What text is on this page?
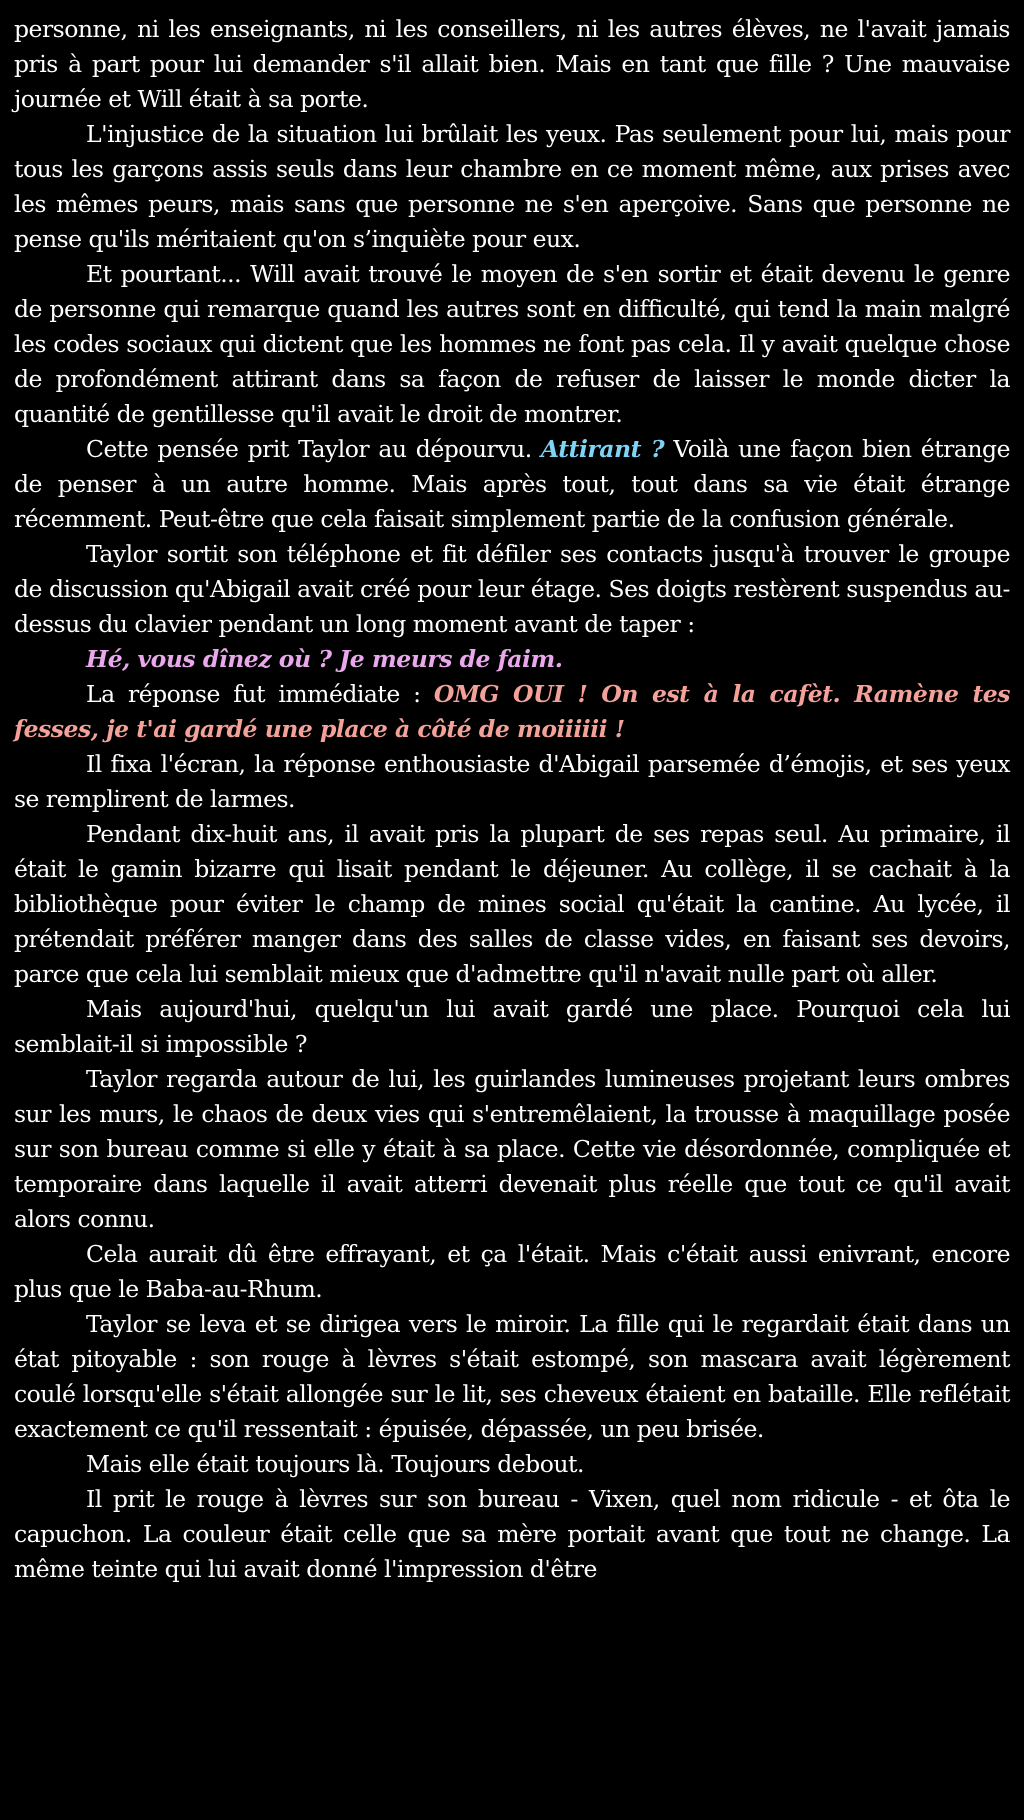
personne, ni les enseignants, ni les conseillers, ni les autres élèves, ne l'avait jamais pris à part pour lui demander s'il allait bien. Mais en tant que fille ? Une mauvaise journée et Will était à sa porte.

L'injustice de la situation lui brûlait les yeux. Pas seulement pour lui, mais pour tous les garçons assis seuls dans leur chambre en ce moment même, aux prises avec les mêmes peurs, mais sans que personne ne s'en aperçoive. Sans que personne ne pense qu'ils méritaient qu'on s’inquiète pour eux.

Et pourtant... Will avait trouvé le moyen de s'en sortir et était devenu le genre de personne qui remarque quand les autres sont en difficulté, qui tend la main malgré les codes sociaux qui dictent que les hommes ne font pas cela. Il y avait quelque chose de profondément attirant dans sa façon de refuser de laisser le monde dicter la quantité de gentillesse qu'il avait le droit de montrer.

Cette pensée prit Taylor au dépourvu. Attirant ? Voilà une façon bien étrange de penser à un autre homme. Mais après tout, tout dans sa vie était étrange récemment. Peut-être que cela faisait simplement partie de la confusion générale.

Taylor sortit son téléphone et fit défiler ses contacts jusqu'à trouver le groupe de discussion qu'Abigail avait créé pour leur étage. Ses doigts restèrent suspendus au-dessus du clavier pendant un long moment avant de taper :

Hé, vous dînez où ? Je meurs de faim.

La réponse fut immédiate : OMG OUI ! On est à la cafèt. Ramène tes fesses, je t'ai gardé une place à côté de moiiiiii !

Il fixa l'écran, la réponse enthousiaste d'Abigail parsemée d’émojis, et ses yeux se remplirent de larmes.

Pendant dix-huit ans, il avait pris la plupart de ses repas seul. Au primaire, il était le gamin bizarre qui lisait pendant le déjeuner. Au collège, il se cachait à la bibliothèque pour éviter le champ de mines social qu'était la cantine. Au lycée, il prétendait préférer manger dans des salles de classe vides, en faisant ses devoirs, parce que cela lui semblait mieux que d'admettre qu'il n'avait nulle part où aller.

Mais aujourd'hui, quelqu'un lui avait gardé une place. Pourquoi cela lui semblait-il si impossible ?

Taylor regarda autour de lui, les guirlandes lumineuses projetant leurs ombres sur les murs, le chaos de deux vies qui s'entremêlaient, la trousse à maquillage posée sur son bureau comme si elle y était à sa place. Cette vie désordonnée, compliquée et temporaire dans laquelle il avait atterri devenait plus réelle que tout ce qu'il avait alors connu.

Cela aurait dû être effrayant, et ça l'était. Mais c'était aussi enivrant, encore plus que le Baba-au-Rhum.

Taylor se leva et se dirigea vers le miroir. La fille qui le regardait était dans un état pitoyable : son rouge à lèvres s'était estompé, son mascara avait légèrement coulé lorsqu'elle s'était allongée sur le lit, ses cheveux étaient en bataille. Elle reflétait exactement ce qu'il ressentait : épuisée, dépassée, un peu brisée.

Mais elle était toujours là. Toujours debout.

Il prit le rouge à lèvres sur son bureau - Vixen, quel nom ridicule - et ôta le capuchon. La couleur était celle que sa mère portait avant que tout ne change. La même teinte qui lui avait donné l'impression d'être
